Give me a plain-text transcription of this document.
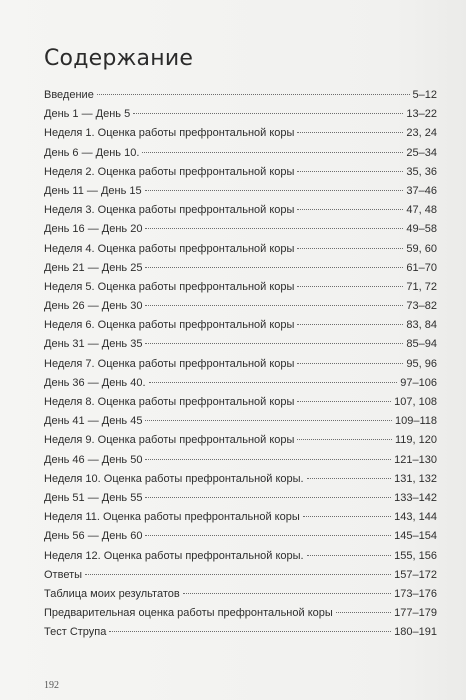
Содержание
Введение	5–12
День 1 — День 5	13–22
Неделя 1. Оценка работы префронтальной коры	23, 24
День 6 — День 10.	25–34
Неделя 2. Оценка работы префронтальной коры	35, 36
День 11 — День 15	37–46
Неделя 3. Оценка работы префронтальной коры	47, 48
День 16 — День 20	49–58
Неделя 4. Оценка работы префронтальной коры	59, 60
День 21 — День 25	61–70
Неделя 5. Оценка работы префронтальной коры	71, 72
День 26 — День 30	73–82
Неделя 6. Оценка работы префронтальной коры	83, 84
День 31 — День 35	85–94
Неделя 7. Оценка работы префронтальной коры	95, 96
День 36 — День 40.	97–106
Неделя 8. Оценка работы префронтальной коры	107, 108
День 41 — День 45	109–118
Неделя 9. Оценка работы префронтальной коры	119, 120
День 46 — День 50	121–130
Неделя 10. Оценка работы префронтальной коры.	131, 132
День 51 — День 55	133–142
Неделя 11. Оценка работы префронтальной коры	143, 144
День 56 — День 60	145–154
Неделя 12. Оценка работы префронтальной коры.	155, 156
Ответы	157–172
Таблица моих результатов	173–176
Предварительная оценка работы префронтальной коры	177–179
Тест Струпа	180–191
192
